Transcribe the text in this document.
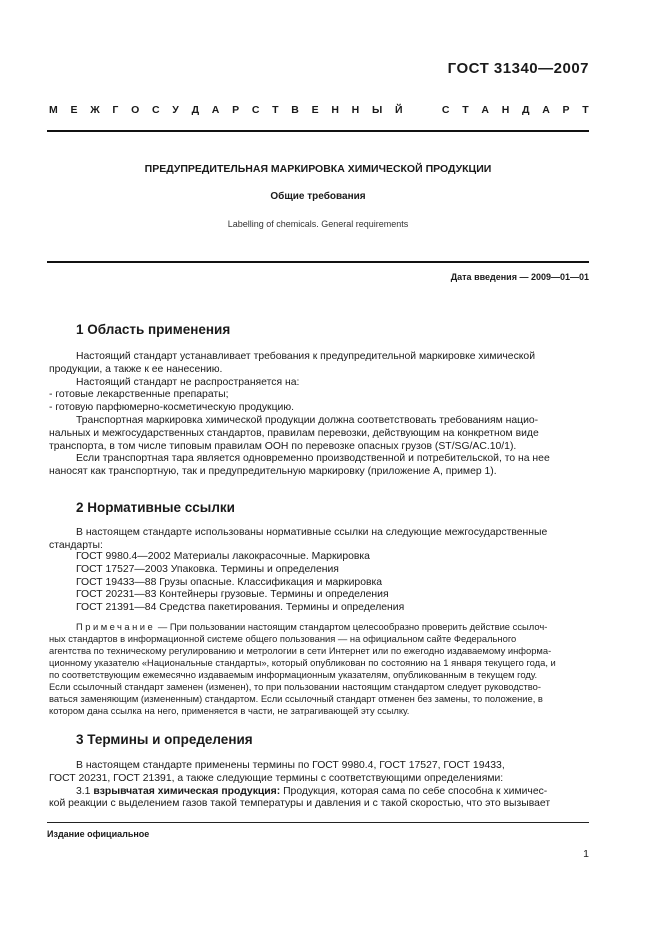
ГОСТ 31340—2007
М Е Ж Г О С У Д А Р С Т В Е Н Н Ы Й	С Т А Н Д А Р Т
ПРЕДУПРЕДИТЕЛЬНАЯ МАРКИРОВКА ХИМИЧЕСКОЙ ПРОДУКЦИИ
Общие требования
Labelling of chemicals. General requirements
Дата введения — 2009—01—01
1 Область применения
Настоящий стандарт устанавливает требования к предупредительной маркировке химической
продукции, а также к ее нанесению.
Настоящий стандарт не распространяется на:
- готовые лекарственные препараты;
- готовую парфюмерно-косметическую продукцию.
Транспортная маркировка химической продукции должна соответствовать требованиям нацио-
нальных и межгосударственных стандартов, правилам перевозки, действующим на конкретном виде
транспорта, в том числе типовым правилам ООН по перевозке опасных грузов (ST/SG/AC.10/1).
Если транспортная тара является одновременно производственной и потребительской, то на нее
наносят как транспортную, так и предупредительную маркировку (приложение А, пример 1).
2 Нормативные ссылки
В настоящем стандарте использованы нормативные ссылки на следующие межгосударственные
стандарты:
ГОСТ 9980.4—2002 Материалы лакокрасочные. Маркировка
ГОСТ 17527—2003 Упаковка. Термины и определения
ГОСТ 19433—88 Грузы опасные. Классификация и маркировка
ГОСТ 20231—83 Контейнеры грузовые. Термины и определения
ГОСТ 21391—84 Средства пакетирования. Термины и определения
Примечание — При пользовании настоящим стандартом целесообразно проверить действие ссылоч-
ных стандартов в информационной системе общего пользования — на официальном сайте Федерального
агентства по техническому регулированию и метрологии в сети Интернет или по ежегодно издаваемому информа-
ционному указателю «Национальные стандарты», который опубликован по состоянию на 1 января текущего года, и
по соответствующим ежемесячно издаваемым информационным указателям, опубликованным в текущем году.
Если ссылочный стандарт заменен (изменен), то при пользовании настоящим стандартом следует руководство-
ваться заменяющим (измененным) стандартом. Если ссылочный стандарт отменен без замены, то положение, в
котором дана ссылка на него, применяется в части, не затрагивающей эту ссылку.
3 Термины и определения
В настоящем стандарте применены термины по ГОСТ 9980.4, ГОСТ 17527, ГОСТ 19433,
ГОСТ 20231, ГОСТ 21391, а также следующие термины с соответствующими определениями:
3.1 взрывчатая химическая продукция: Продукция, которая сама по себе способна к химичес-
кой реакции с выделением газов такой температуры и давления и с такой скоростью, что это вызывает
Издание официальное
1
